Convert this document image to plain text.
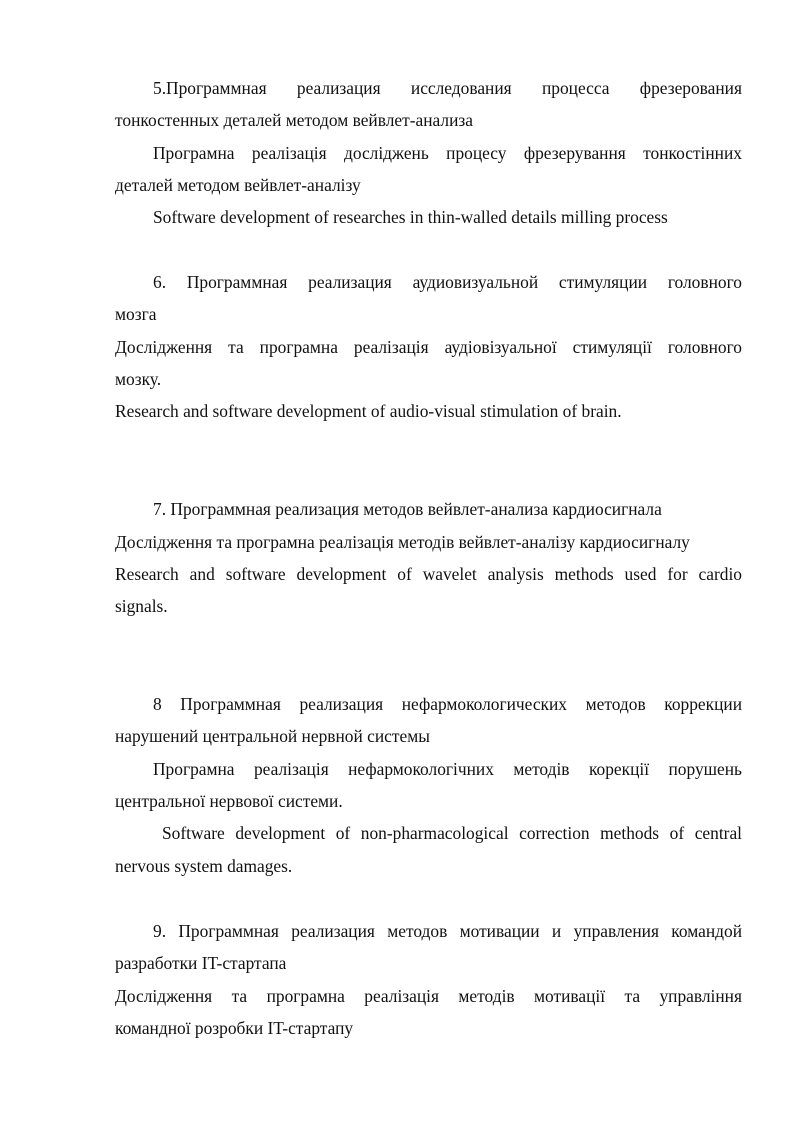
5.Программная реализация исследования процесса фрезерования
тонкостенных деталей методом вейвлет-анализа
Програмна реалізація досліджень процесу фрезерування тонкостінних
деталей методом вейвлет-аналізу
Software development of researches in thin-walled details milling process
6. Программная реализация аудиовизуальной стимуляции головного
мозга
Дослідження та програмна реалізація аудіовізуальної стимуляції головного
мозку.
Research and software development of audio-visual stimulation of brain.
7. Программная реализация методов вейвлет-анализа кардиосигнала
Дослідження та програмна реалізація методів вейвлет-аналізу кардиосигналу
Research and software development of wavelet analysis methods used for cardio
signals.
8 Программная реализация нефармокологических методов коррекции
нарушений центральной нервной системы
Програмна реалізація нефармокологічних методів корекції порушень
центральної нервової системи.
Software development of non-pharmacological correction methods of central
nervous system damages.
9. Программная реализация методов мотивации и управления командой
разработки IT-стартапа
Дослідження та програмна реалізація методів мотивації та управління
командної розробки IT-стартапу
